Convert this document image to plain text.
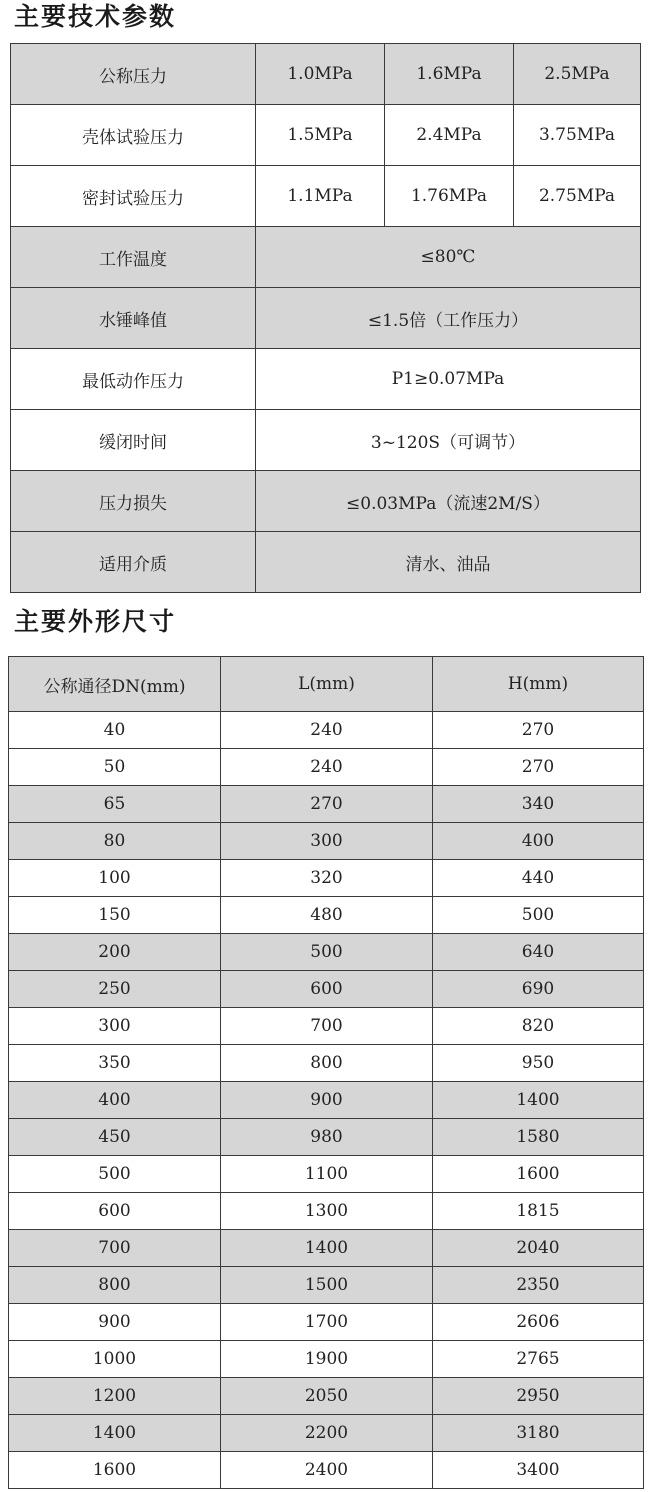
主要技术参数
公称压力	1.0MPa	1.6MPa	2.5MPa
壳体试验压力	1.5MPa	2.4MPa	3.75MPa
密封试验压力	1.1MPa	1.76MPa	2.75MPa
工作温度	≤80℃		
水锤峰值	≤1.5倍（工作压力）		
最低动作压力	P1≥0.07MPa		
缓闭时间	3~120S（可调节）		
压力损失	≤0.03MPa（流速2M/S）		
适用介质	清水、油品		
主要外形尺寸
公称通径DN(mm)	L(mm)	H(mm)
40	240	270
50	240	270
65	270	340
80	300	400
100	320	440
150	480	500
200	500	640
250	600	690
300	700	820
350	800	950
400	900	1400
450	980	1580
500	1100	1600
600	1300	1815
700	1400	2040
800	1500	2350
900	1700	2606
1000	1900	2765
1200	2050	2950
1400	2200	3180
1600	2400	3400
